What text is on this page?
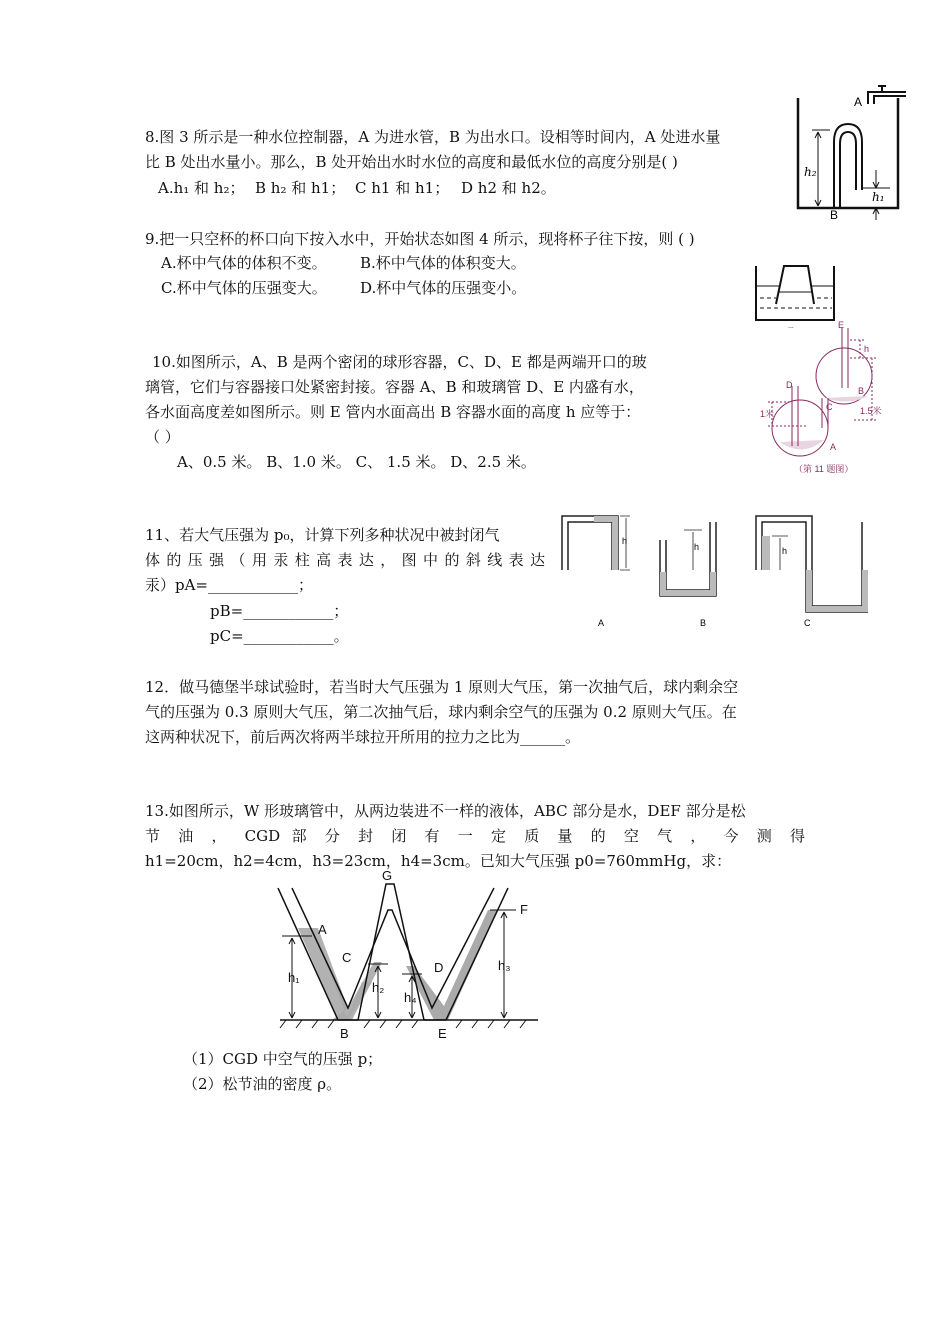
8.图 3 所示是一种水位控制器，A 为进水管，B 为出水口。设相等时间内，A 处进水量
比 B 处出水量小。那么，B 处开始出水时水位的高度和最低水位的高度分别是( )
A.h₁ 和 h₂； B h₂ 和 h1； C h1 和 h1； D h2 和 h2。
A
B
h₂
h₁
9.把一只空杯的杯口向下按入水中，开始状态如图 4 所示，现将杯子往下按，则 ( )
A.杯中气体的体积不变。 B.杯中气体的体积变大。
C.杯中气体的压强变大。 D.杯中气体的压强变小。
...
10.如图所示，A、B 是两个密闭的球形容器，C、D、E 都是两端开口的玻
璃管，它们与容器接口处紧密封接。容器 A、B 和玻璃管 D、E 内盛有水，
各水面高度差如图所示。则 E 管内水面高出 B 容器水面的高度 h 应等于：
（ ）
A、0.5 米。 B、1.0 米。 C、 1.5 米。 D、2.5 米。
E
h
B
C
D
A
1米	1.5米
（第 11 题图）
11、若大气压强为 p₀，计算下列多种状况中被封闭气
体 的 压 强 （ 用 汞 柱 高 表 达 ， 图 中 的 斜 线 表 达
汞）pA=____________；
pB=____________；
pC=____________。
h
A
h
B
h
C
12．做马德堡半球试验时，若当时大气压强为 1 原则大气压，第一次抽气后，球内剩余空
气的压强为 0.3 原则大气压，第二次抽气后，球内剩余空气的压强为 0.2 原则大气压。在
这两种状况下，前后两次将两半球拉开所用的拉力之比为______。
13.如图所示，W 形玻璃管中，从两边装进不一样的液体，ABC 部分是水，DEF 部分是松
节 油 ， CGD 部 分 封 闭 有 一 定 质 量 的 空 气 ， 今 测 得
h1=20cm，h2=4cm，h3=23cm，h4=3cm。已知大气压强 p0=760mmHg，求：
A
B
C
D
E
F
G
h₁
h₂
h₄
h₃
（1）CGD 中空气的压强 p；
（2）松节油的密度 ρ。
